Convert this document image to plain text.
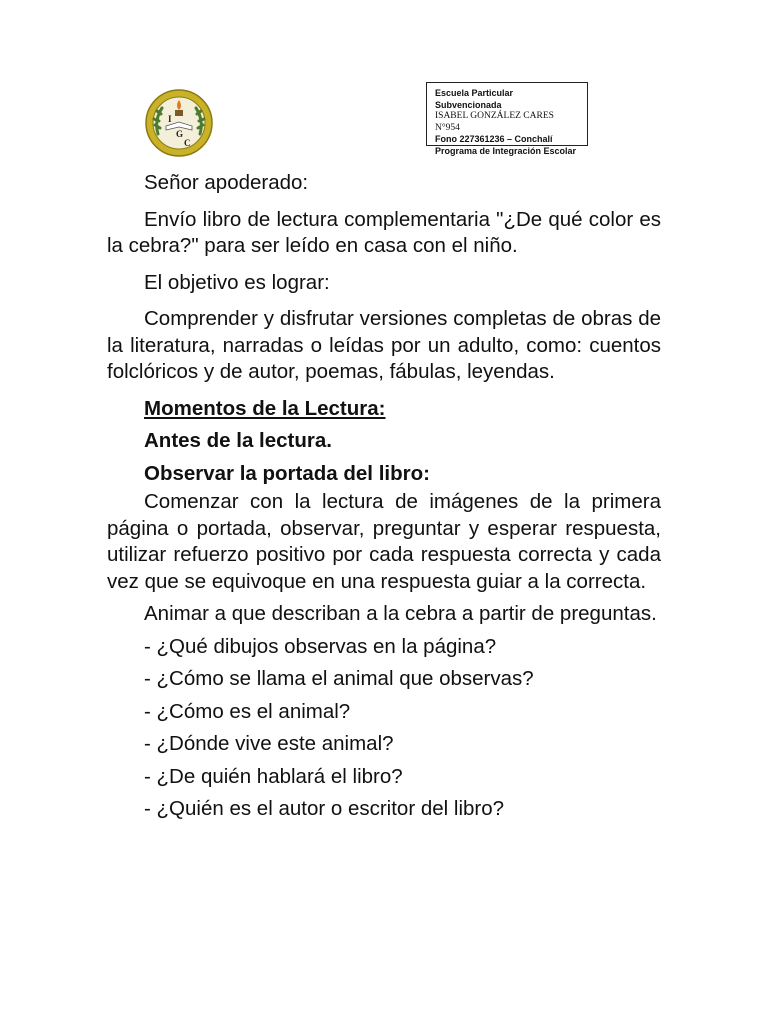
I
G
C
Escuela Particular Subvencionada
ISABEL GONZÁLEZ CARES N°954
Fono 227361236 – Conchalí
Programa de Integración Escolar

Señor apoderado:

Envío libro de lectura complementaria "¿De qué color es la cebra?" para ser leído en casa con el niño.

El objetivo es lograr:

Comprender y disfrutar versiones completas de obras de la literatura, narradas o leídas por un adulto, como: cuentos folclóricos y de autor, poemas, fábulas, leyendas.

Momentos de la Lectura:

Antes de la lectura.

Observar la portada del libro:

Comenzar con la lectura de imágenes de la primera página o portada, observar, preguntar y esperar respuesta, utilizar refuerzo positivo por cada respuesta correcta y cada vez que se equivoque en una respuesta guiar a la correcta.

Animar a que describan a la cebra a partir de preguntas.

- ¿Qué dibujos observas en la página?

- ¿Cómo se llama el animal que observas?

- ¿Cómo es el animal?

- ¿Dónde vive este animal?

- ¿De quién hablará el libro?

- ¿Quién es el autor o escritor del libro?
